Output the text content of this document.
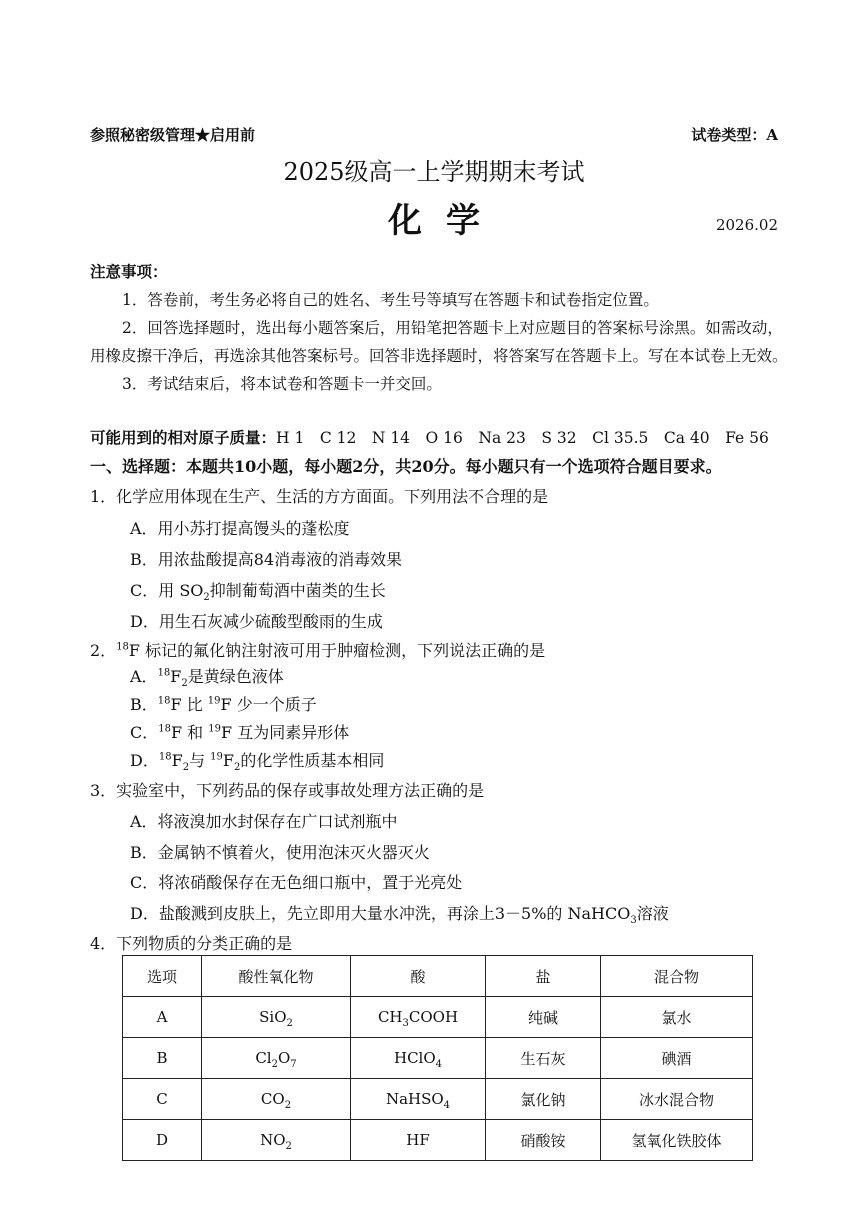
参照秘密级管理★启用前	试卷类型：A
2025级高一上学期期末考试
化学	2026.02
注意事项：

1．答卷前，考生务必将自己的姓名、考生号等填写在答题卡和试卷指定位置。

2．回答选择题时，选出每小题答案后，用铅笔把答题卡上对应题目的答案标号涂黑。如需改动，用橡皮擦干净后，再选涂其他答案标号。回答非选择题时，将答案写在答题卡上。写在本试卷上无效。

3．考试结束后，将本试卷和答题卡一并交回。

可能用到的相对原子质量：H 1　C 12　N 14　O 16　Na 23　S 32　Cl 35.5　Ca 40　Fe 56
一、选择题：本题共10小题，每小题2分，共20分。每小题只有一个选项符合题目要求。
1．化学应用体现在生产、生活的方方面面。下列用法不合理的是
A．用小苏打提高馒头的蓬松度
B．用浓盐酸提高84消毒液的消毒效果
C．用 $SO_2$抑制葡萄酒中菌类的生长
D．用生石灰减少硫酸型酸雨的生成
2．$^{18}$F 标记的氟化钠注射液可用于肿瘤检测，下列说法正确的是
A．$^{18}F_2$是黄绿色液体
B．$^{18}$F 比 $^{19}$F 少一个质子
C．$^{18}$F 和 $^{19}$F 互为同素异形体
D．$^{18}F_2$与 $^{19}F_2$的化学性质基本相同
3．实验室中，下列药品的保存或事故处理方法正确的是
A．将液溴加水封保存在广口试剂瓶中
B．金属钠不慎着火，使用泡沫灭火器灭火
C．将浓硝酸保存在无色细口瓶中，置于光亮处
D．盐酸溅到皮肤上，先立即用大量水冲洗，再涂上3－5%的 NaHCO$_3$溶液
4．下列物质的分类正确的是
选项	酸性氧化物	酸	盐	混合物
A	SiO$_2$	$CH_3COOH$	纯碱	氯水
B	$Cl_2O_7$	HClO$_4$	生石灰	碘酒
C	$CO_2$	NaHSO$_4$	氯化钠	冰水混合物
D	$NO_2$	HF	硝酸铵	氢氧化铁胶体
